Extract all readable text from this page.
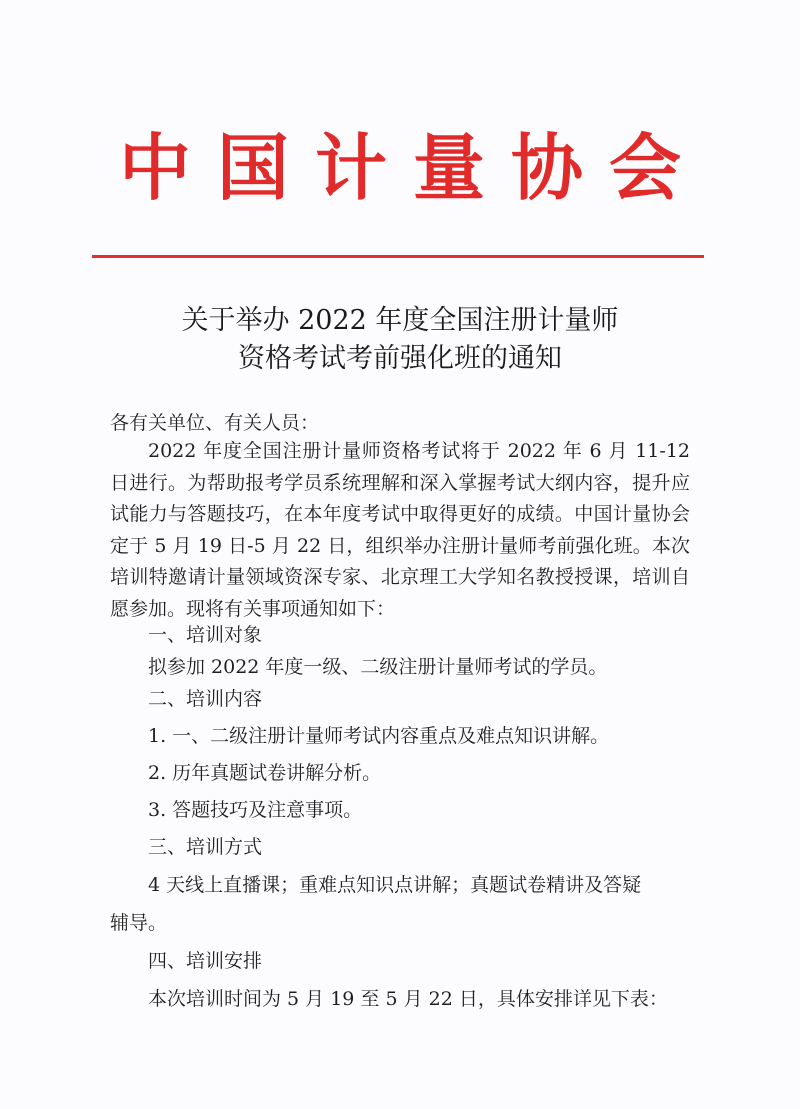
中国计量协会
关于举办 2022 年度全国注册计量师
资格考试考前强化班的通知
各有关单位、有关人员：
2022 年度全国注册计量师资格考试将于 2022 年 6 月 11-12 日进行。为帮助报考学员系统理解和深入掌握考试大纲内容，提升应试能力与答题技巧，在本年度考试中取得更好的成绩。中国计量协会定于 5 月 19 日-5 月 22 日，组织举办注册计量师考前强化班。本次培训特邀请计量领域资深专家、北京理工大学知名教授授课，培训自愿参加。现将有关事项通知如下：
一、培训对象
拟参加 2022 年度一级、二级注册计量师考试的学员。
二、培训内容
1. 一、二级注册计量师考试内容重点及难点知识讲解。
2. 历年真题试卷讲解分析。
3. 答题技巧及注意事项。
三、培训方式
4 天线上直播课；重难点知识点讲解；真题试卷精讲及答疑
辅导。
四、培训安排
本次培训时间为 5 月 19 至 5 月 22 日，具体安排详见下表：
